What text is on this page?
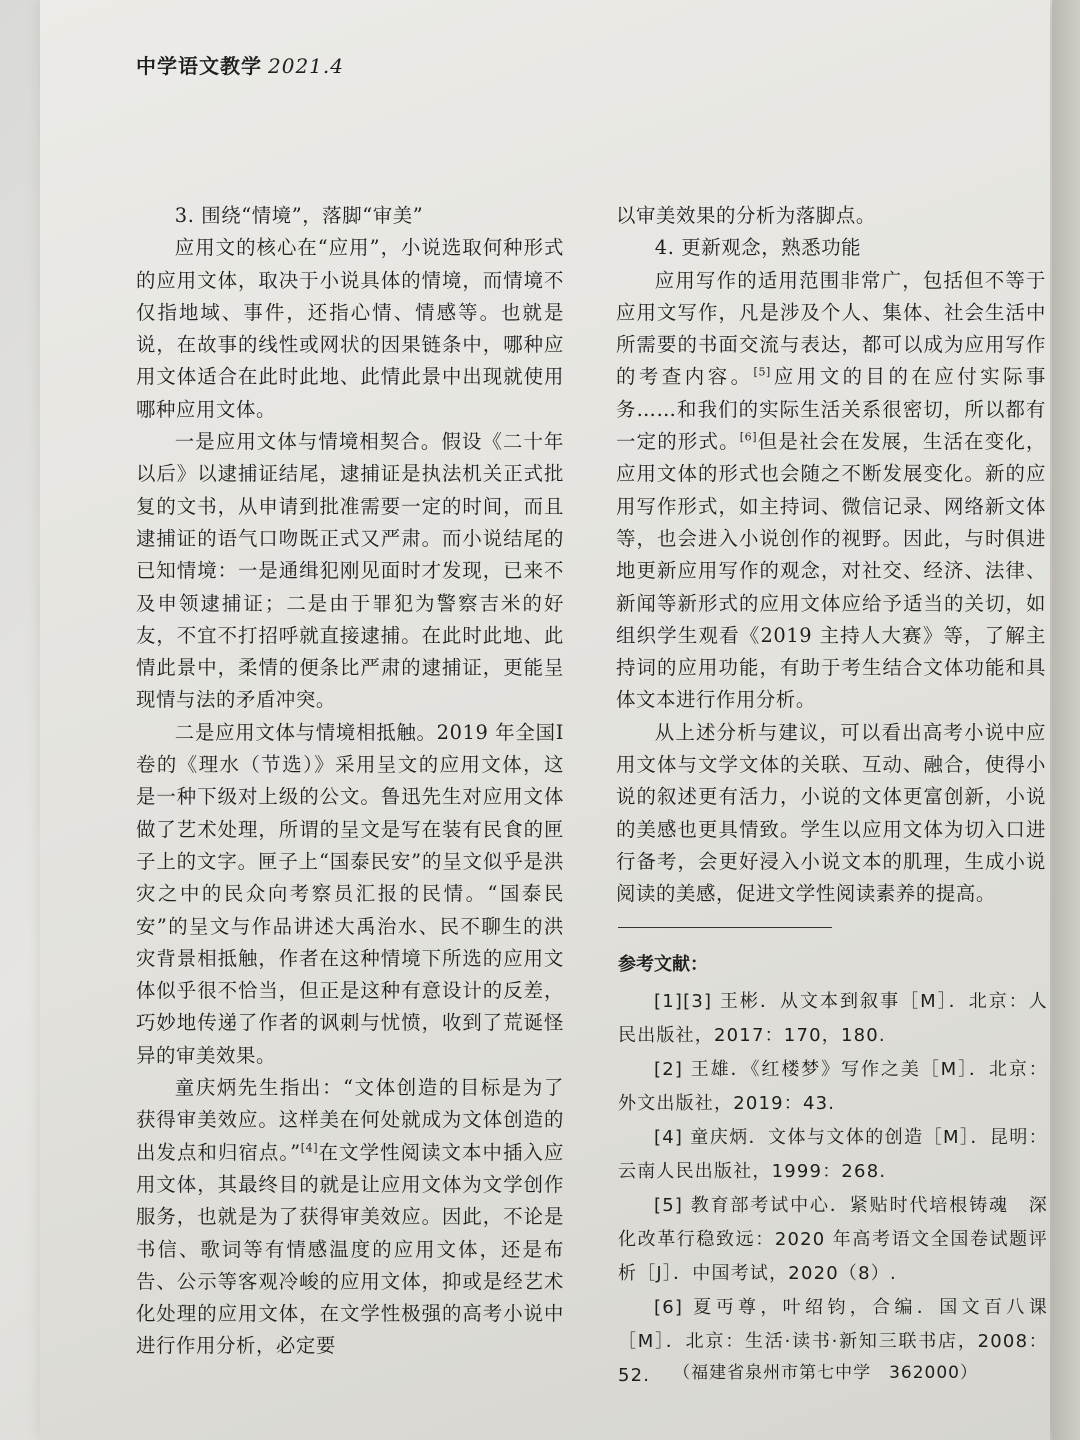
中学语文教学 2021.4
3. 围绕“情境”，落脚“审美”

应用文的核心在“应用”，小说选取何种形式的应用文体，取决于小说具体的情境，而情境不仅指地域、事件，还指心情、情感等。也就是说，在故事的线性或网状的因果链条中，哪种应用文体适合在此时此地、此情此景中出现就使用哪种应用文体。

一是应用文体与情境相契合。假设《二十年以后》以逮捕证结尾，逮捕证是执法机关正式批复的文书，从申请到批准需要一定的时间，而且逮捕证的语气口吻既正式又严肃。而小说结尾的已知情境：一是通缉犯刚见面时才发现，已来不及申领逮捕证；二是由于罪犯为警察吉米的好友，不宜不打招呼就直接逮捕。在此时此地、此情此景中，柔情的便条比严肃的逮捕证，更能呈现情与法的矛盾冲突。

二是应用文体与情境相抵触。2019 年全国Ⅰ卷的《理水（节选）》采用呈文的应用文体，这是一种下级对上级的公文。鲁迅先生对应用文体做了艺术处理，所谓的呈文是写在装有民食的匣子上的文字。匣子上“国泰民安”的呈文似乎是洪灾之中的民众向考察员汇报的民情。“国泰民安”的呈文与作品讲述大禹治水、民不聊生的洪灾背景相抵触，作者在这种情境下所选的应用文体似乎很不恰当，但正是这种有意设计的反差，巧妙地传递了作者的讽刺与忧愤，收到了荒诞怪异的审美效果。

童庆炳先生指出：“文体创造的目标是为了获得审美效应。这样美在何处就成为文体创造的出发点和归宿点。”[4]在文学性阅读文本中插入应用文体，其最终目的就是让应用文体为文学创作服务，也就是为了获得审美效应。因此，不论是书信、歌词等有情感温度的应用文体，还是布告、公示等客观冷峻的应用文体，抑或是经艺术化处理的应用文体，在文学性极强的高考小说中进行作用分析，必定要

以审美效果的分析为落脚点。

4. 更新观念，熟悉功能

应用写作的适用范围非常广，包括但不等于应用文写作，凡是涉及个人、集体、社会生活中所需要的书面交流与表达，都可以成为应用写作的考查内容。[5]应用文的目的在应付实际事务……和我们的实际生活关系很密切，所以都有一定的形式。[6]但是社会在发展，生活在变化，应用文体的形式也会随之不断发展变化。新的应用写作形式，如主持词、微信记录、网络新文体等，也会进入小说创作的视野。因此，与时俱进地更新应用写作的观念，对社交、经济、法律、新闻等新形式的应用文体应给予适当的关切，如组织学生观看《2019 主持人大赛》等，了解主持词的应用功能，有助于考生结合文体功能和具体文本进行作用分析。

从上述分析与建议，可以看出高考小说中应用文体与文学文体的关联、互动、融合，使得小说的叙述更有活力，小说的文体更富创新，小说的美感也更具情致。学生以应用文体为切入口进行备考，会更好浸入小说文本的肌理，生成小说阅读的美感，促进文学性阅读素养的提高。

参考文献：

[1][3] 王彬．从文本到叙事［M］．北京：人民出版社，2017：170，180.

[2] 王雄．《红楼梦》写作之美［M］．北京：外文出版社，2019：43.

[4] 童庆炳．文体与文体的创造［M］．昆明：云南人民出版社，1999：268.

[5] 教育部考试中心．紧贴时代培根铸魂　深化改革行稳致远：2020 年高考语文全国卷试题评析［J］．中国考试，2020（8）.

[6] 夏丏尊，叶绍钧，合编．国文百八课［M］．北京：生活·读书·新知三联书店，2008：52.	（福建省泉州市第七中学　362000）
